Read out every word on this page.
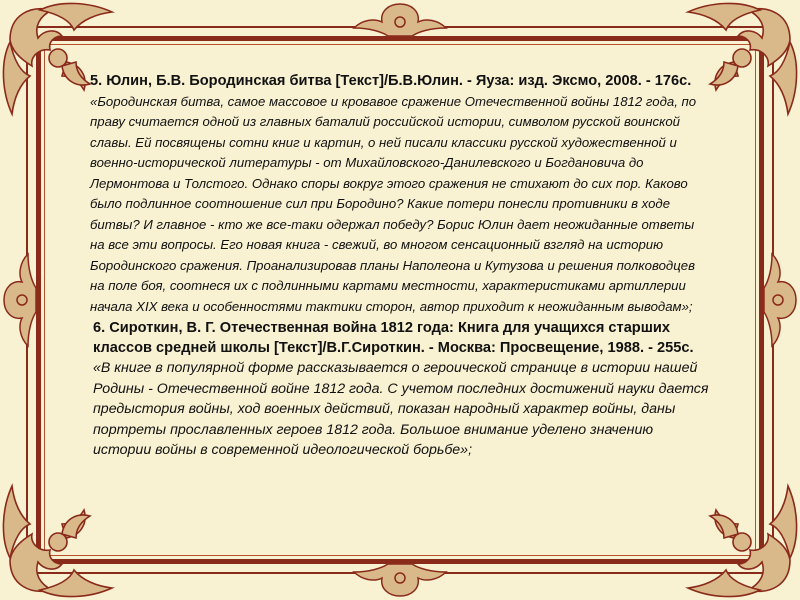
5. Юлин, Б.В. Бородинская битва [Текст]/Б.В.Юлин. - Яуза: изд. Эксмо, 2008. - 176с. «Бородинская битва, самое массовое и кровавое сражение Отечественной войны 1812 года, по праву считается одной из главных баталий российской истории, символом русской воинской славы. Ей посвящены сотни книг и картин, о ней писали классики русской художественной и военно-исторической литературы - от Михайловского-Данилевского и Богдановича до Лермонтова и Толстого. Однако споры вокруг этого сражения не стихают до сих пор. Каково было подлинное соотношение сил при Бородино? Какие потери понесли противники в ходе битвы? И главное - кто же все-таки одержал победу? Борис Юлин дает неожиданные ответы на все эти вопросы. Его новая книга - свежий, во многом сенсационный взгляд на историю Бородинского сражения. Проанализировав планы Наполеона и Кутузова и решения полководцев на поле боя, соотнеся их с подлинными картами местности, характеристиками артиллерии начала XIX века и особенностями тактики сторон, автор приходит к неожиданным выводам»;

6. Сироткин, В. Г. Отечественная война 1812 года: Книга для учащихся старших классов средней школы [Текст]/В.Г.Сироткин. - Москва: Просвещение, 1988. - 255с. «В книге в популярной форме рассказывается о героической странице в истории нашей Родины - Отечественной войне 1812 года. С учетом последних достижений науки дается предыстория войны, ход военных действий, показан народный характер войны, даны портреты прославленных героев 1812 года. Большое внимание уделено значению истории войны в современной идеологической борьбе»;
